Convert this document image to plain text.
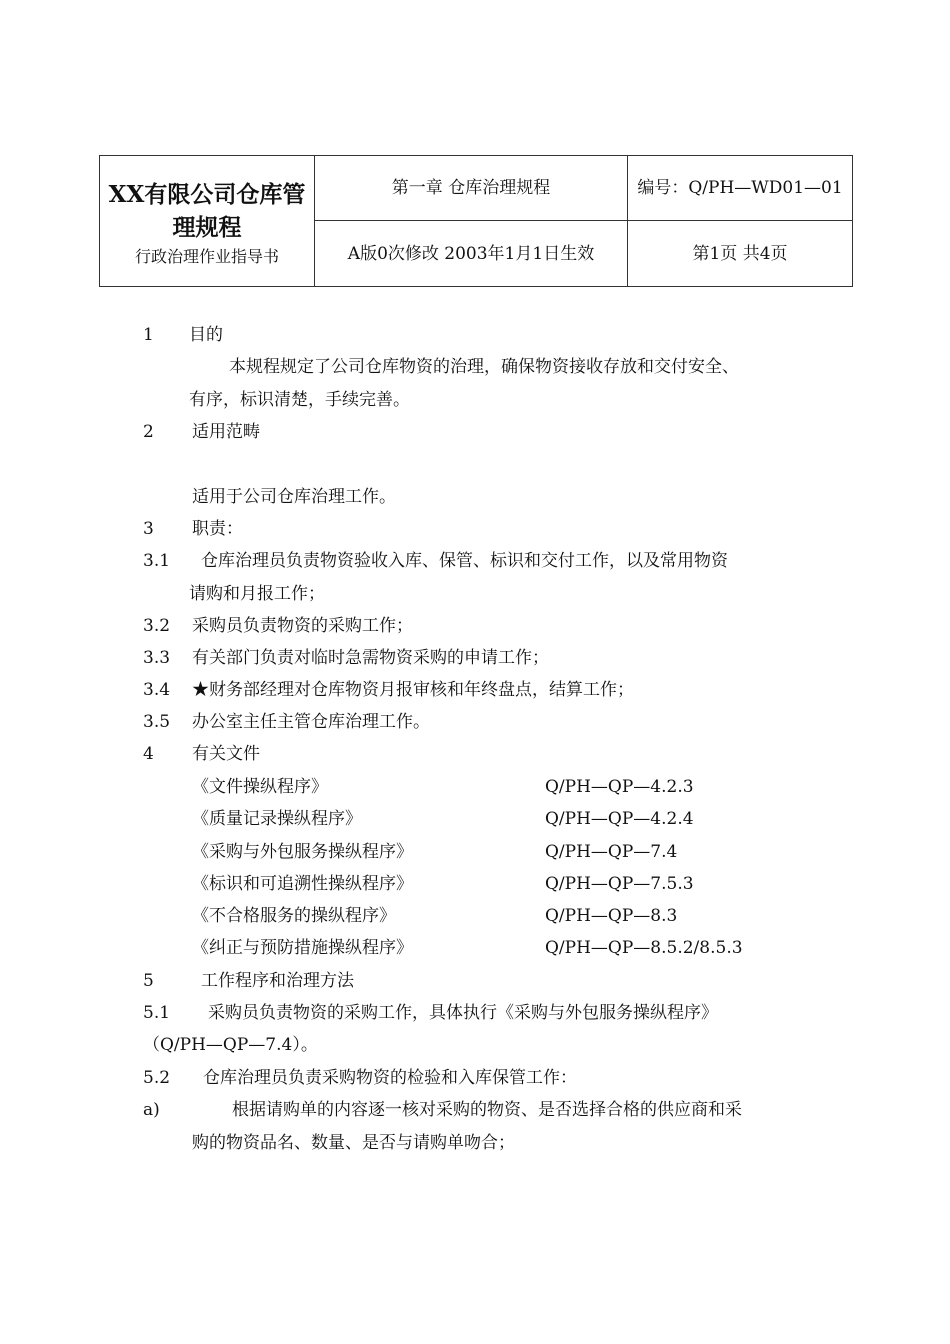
XX有限公司仓库管理规程
行政治理作业指导书	第一章 仓库治理规程	编号：Q/PH—WD01—01
	A版0次修改 2003年1月1日生效	第1页 共4页
1 目的
本规程规定了公司仓库物资的治理，确保物资接收存放和交付安全、
有序，标识清楚，手续完善。
2 适用范畴
适用于公司仓库治理工作。
3 职责：
3.1 仓库治理员负责物资验收入库、保管、标识和交付工作，以及常用物资
请购和月报工作；
3.2 采购员负责物资的采购工作；
3.3 有关部门负责对临时急需物资采购的申请工作；
3.4 ★财务部经理对仓库物资月报审核和年终盘点，结算工作；
3.5 办公室主任主管仓库治理工作。
4 有关文件
《文件操纵程序》	Q/PH—QP—4.2.3
《质量记录操纵程序》	Q/PH—QP—4.2.4
《采购与外包服务操纵程序》	Q/PH—QP—7.4
《标识和可追溯性操纵程序》	Q/PH—QP—7.5.3
《不合格服务的操纵程序》	Q/PH—QP—8.3
《纠正与预防措施操纵程序》	Q/PH—QP—8.5.2/8.5.3
5	工作程序和治理方法
5.1 采购员负责物资的采购工作，具体执行《采购与外包服务操纵程序》
（Q/PH—QP—7.4）。
5.2 仓库治理员负责采购物资的检验和入库保管工作：
a)	根据请购单的内容逐一核对采购的物资、是否选择合格的供应商和采
购的物资品名、数量、是否与请购单吻合；
